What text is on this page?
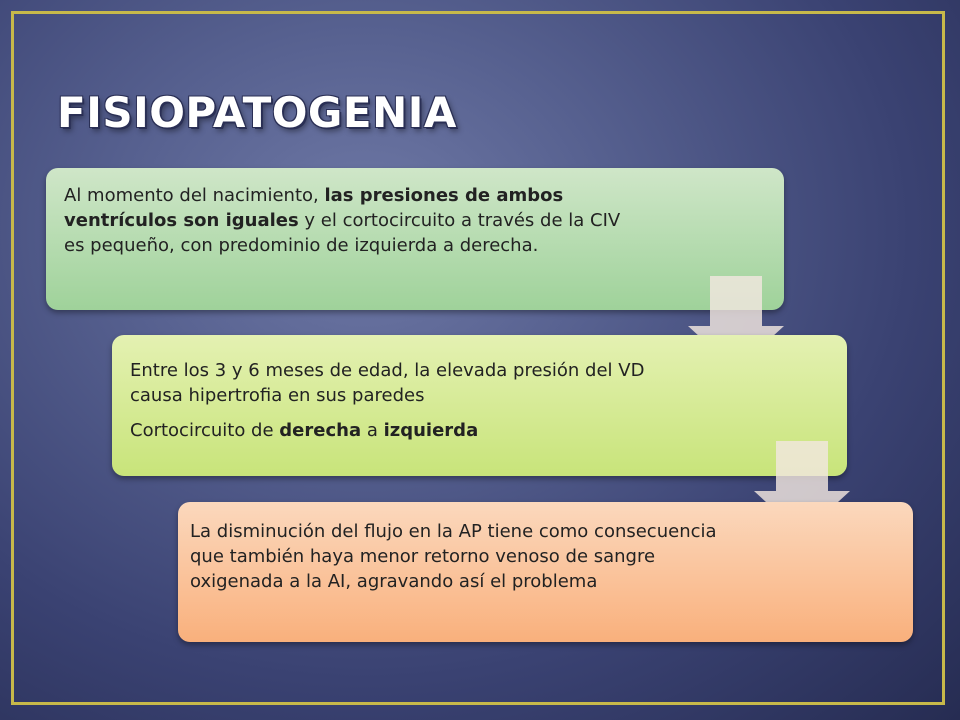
FISIOPATOGENIA

Al momento del nacimiento, las presiones de ambos ventrículos son iguales y el cortocircuito a través de la CIV es pequeño, con predominio de izquierda a derecha.

Entre los 3 y 6 meses de edad, la elevada presión del VD causa hipertrofia en sus paredes

Cortocircuito de derecha a izquierda

La disminución del flujo en la AP tiene como consecuencia que también haya menor retorno venoso de sangre oxigenada a la AI, agravando así el problema
